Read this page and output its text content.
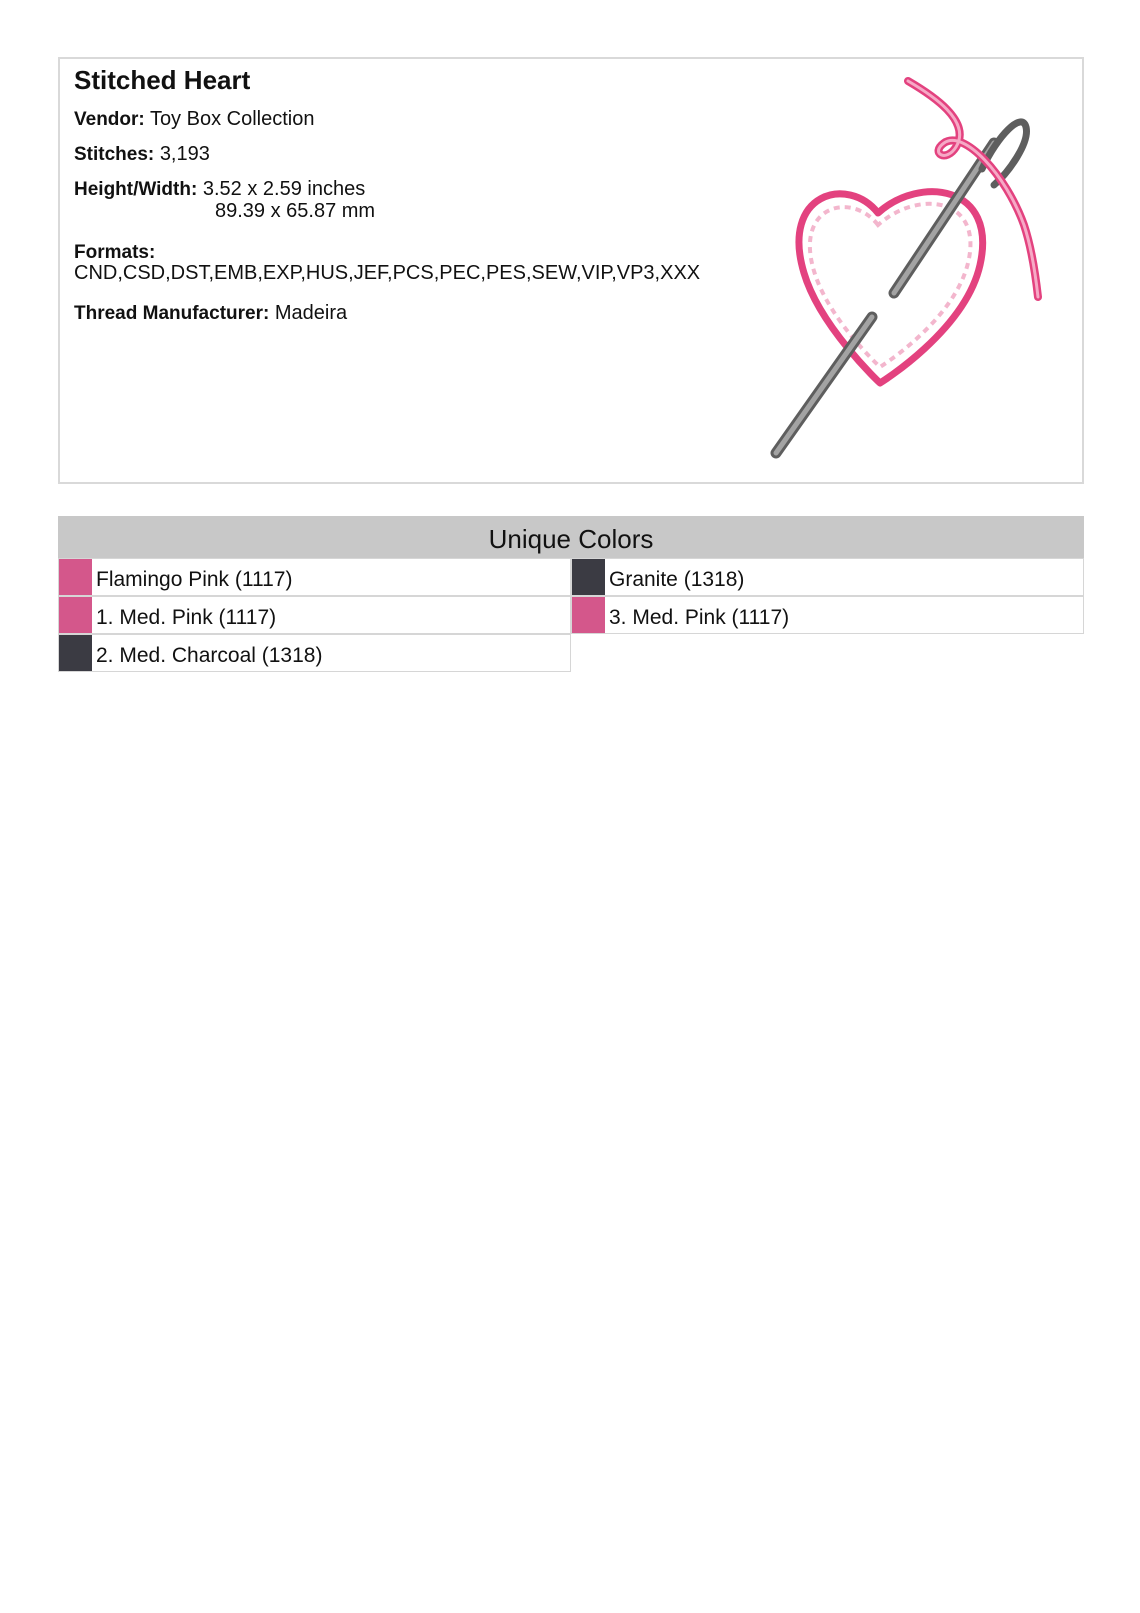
Stitched Heart
Vendor: Toy Box Collection
Stitches: 3,193
Height/Width: 3.52 x 2.59 inches
89.39 x 65.87 mm
Formats:
CND,CSD,DST,EMB,EXP,HUS,JEF,PCS,PEC,PES,SEW,VIP,VP3,XXX
Thread Manufacturer: Madeira
Unique Colors
Flamingo Pink (1117)	Granite (1318)
1. Med. Pink (1117)	3. Med. Pink (1117)
2. Med. Charcoal (1318)
